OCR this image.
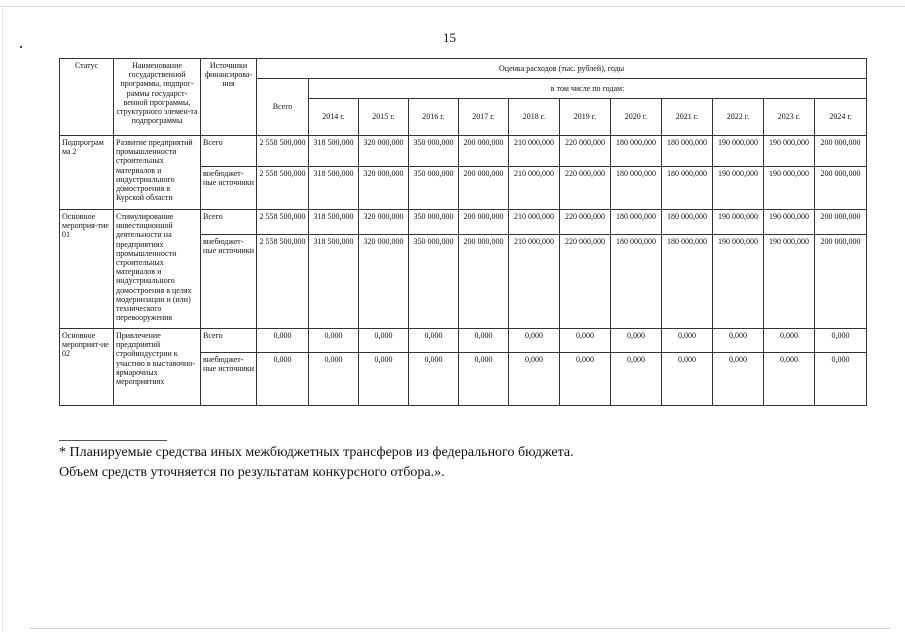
15
Статус	Наименование государственной программы, подпрог-раммы государст-венной программы, структурного элемен-та подпрограммы	Источники финансирова-ния	Оценка расходов (тыс. рублей), годы											
			Всего	в том числе по годам:										
				2014 г.	2015 г.	2016 г.	2017 г.	2018 г.	2019 г.	2020 г.	2021 г.	2022 г.	2023 г.	2024 г.
Подпрограм ма 2	Развитие предприятий промышленности строительных материалов и индустриального домостроения в Курской области	Всего	2 558 500,000	318 500,000	320 000,000	350 000,000	200 000,000	210 000,000	220 000,000	180 000,000	180 000,000	190 000,000	190 000,000	200 000,000
		внебюджет-ные источники	2 558 500,000	318 500,000	320 000,000	350 000,000	200 000,000	210 000,000	220 000,000	180 000,000	180 000,000	190 000,000	190 000,000	200 000,000
Основное мероприя-тие 01	Стимулирование инвестиционной деятельности на предприятиях промышленности строительных материалов и индустриального домостроения в целях модернизации и (или) технического перевооружения	Всего	2 558 500,000	318 500,000	320 000,000	350 000,000	200 000,000	210 000,000	220 000,000	180 000,000	180 000,000	190 000,000	190 000,000	200 000,000
		внебюджет-ные источники	2 558 500,000	318 500,000	320 000,000	350 000,000	200 000,000	210 000,000	220 000,000	180 000,000	180 000,000	190 000,000	190 000,000	200 000,000
Основное мероприят-ие 02	Привлечение предприятий стройиндустрии к участию в выставочно-ярмарочных мероприятиях	Всего	0,000	0,000	0,000	0,000	0,000	0,000	0,000	0,000	0,000	0,000	0,000	0,000
		внебюджет-ные источники	0,000	0,000	0,000	0,000	0,000	0,000	0,000	0,000	0,000	0,000	0,000	0,000
* Планируемые средства иных межбюджетных трансферов из федерального бюджета.
Объем средств уточняется по результатам конкурсного отбора.».
